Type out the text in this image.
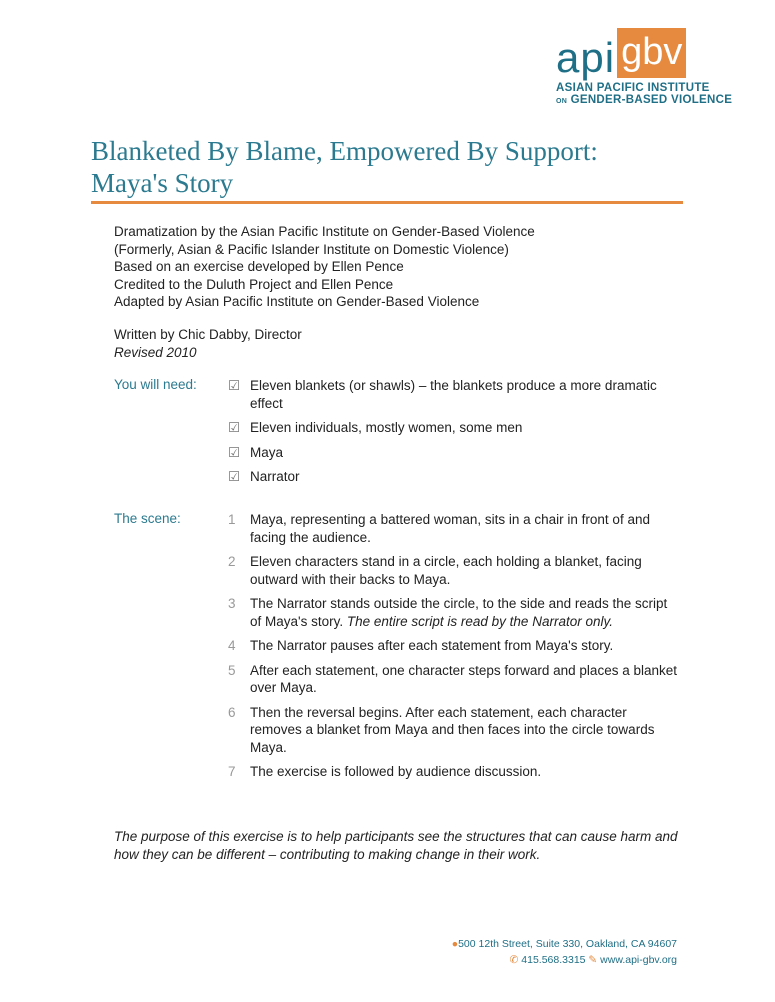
api gbv
ASIAN PACIFIC INSTITUTE
ON GENDER-BASED VIOLENCE
Blanketed By Blame, Empowered By Support:
Maya's Story
Dramatization by the Asian Pacific Institute on Gender-Based Violence
(Formerly, Asian & Pacific Islander Institute on Domestic Violence)
Based on an exercise developed by Ellen Pence
Credited to the Duluth Project and Ellen Pence
Adapted by Asian Pacific Institute on Gender-Based Violence
Written by Chic Dabby, Director
Revised 2010
You will need: ☑ Eleven blankets (or shawls) – the blankets produce a more dramatic effect
☑ Eleven individuals, mostly women, some men
☑ Maya
☑ Narrator
The scene:	1	Maya, representing a battered woman, sits in a chair in front of and facing the audience.
2	Eleven characters stand in a circle, each holding a blanket, facing outward with their backs to Maya.
3	The Narrator stands outside the circle, to the side and reads the script of Maya's story. The entire script is read by the Narrator only.
4	The Narrator pauses after each statement from Maya's story.
5	After each statement, one character steps forward and places a blanket over Maya.
6	Then the reversal begins. After each statement, each character removes a blanket from Maya and then faces into the circle towards Maya.
7	The exercise is followed by audience discussion.
The purpose of this exercise is to help participants see the structures that can cause harm and how they can be different – contributing to making change in their work.
●500 12th Street, Suite 330, Oakland, CA 94607
✆ 415.568.3315 ✎ www.api-gbv.org
